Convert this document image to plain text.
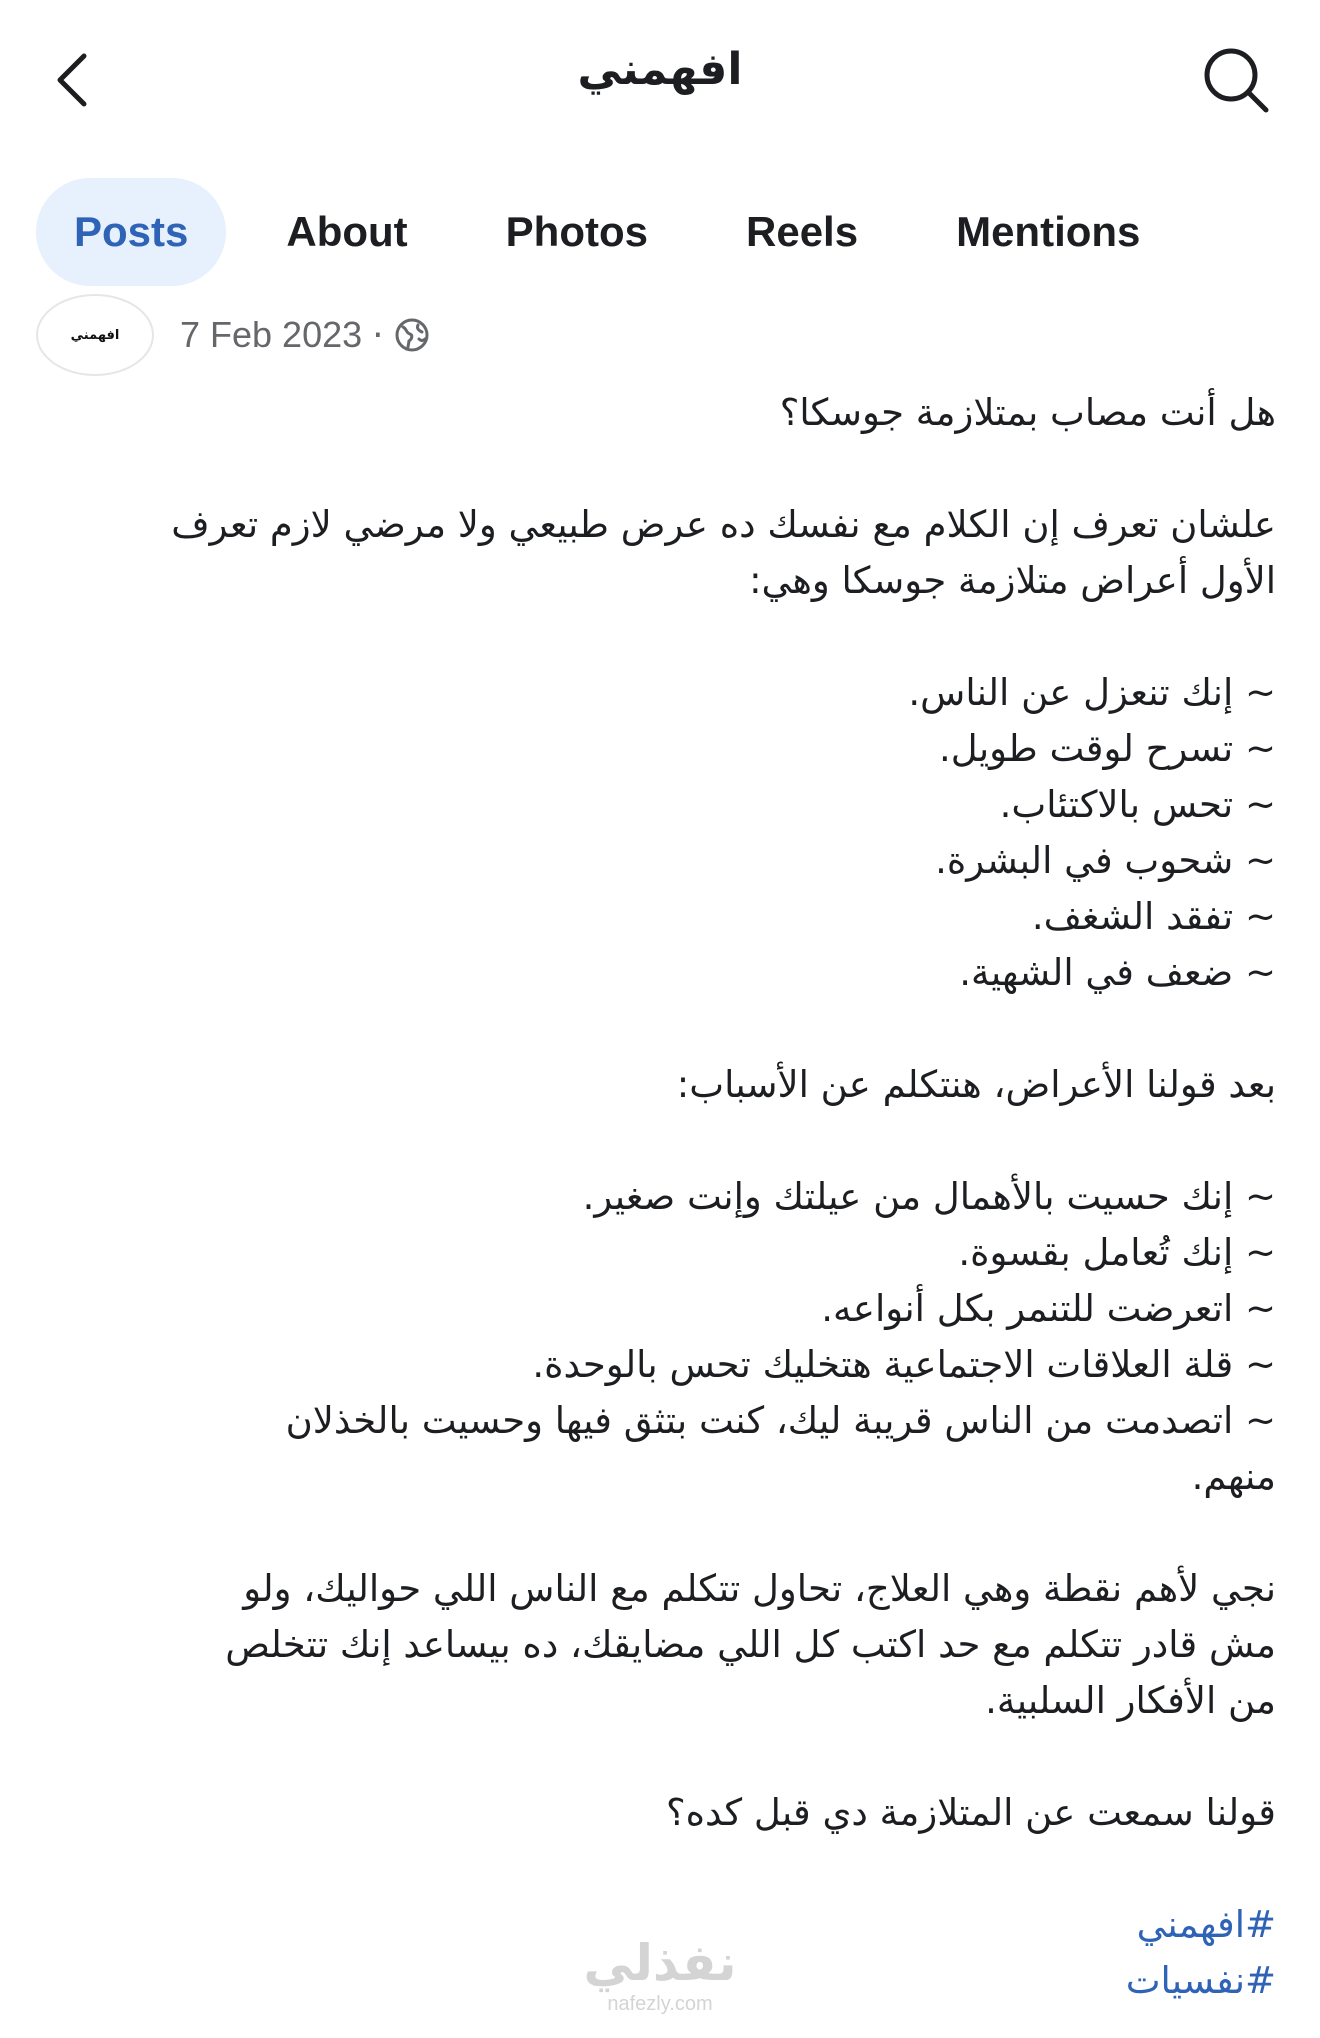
افهمني
Posts	About	Photos	Reels	Mentions
افهمني 7 Feb 2023 ·
هل أنت مصاب بمتلازمة جوسكا؟
علشان تعرف إن الكلام مع نفسك ده عرض طبيعي ولا مرضي لازم تعرف
الأول أعراض متلازمة جوسكا وهي:
~ إنك تنعزل عن الناس.
~ تسرح لوقت طويل.
~ تحس بالاكتئاب.
~ شحوب في البشرة.
~ تفقد الشغف.
~ ضعف في الشهية.
بعد قولنا الأعراض، هنتكلم عن الأسباب:
~ إنك حسيت بالأهمال من عيلتك وإنت صغير.
~ إنك تُعامل بقسوة.
~ اتعرضت للتنمر بكل أنواعه.
~ قلة العلاقات الاجتماعية هتخليك تحس بالوحدة.
~ اتصدمت من الناس قريبة ليك، كنت بتثق فيها وحسيت بالخذلان
منهم.
نجي لأهم نقطة وهي العلاج، تحاول تتكلم مع الناس اللي حواليك، ولو
مش قادر تتكلم مع حد اكتب كل اللي مضايقك، ده بيساعد إنك تتخلص
من الأفكار السلبية.
قولنا سمعت عن المتلازمة دي قبل كده؟
#افهمني
#نفسيات
نفذلي
nafezly.com
